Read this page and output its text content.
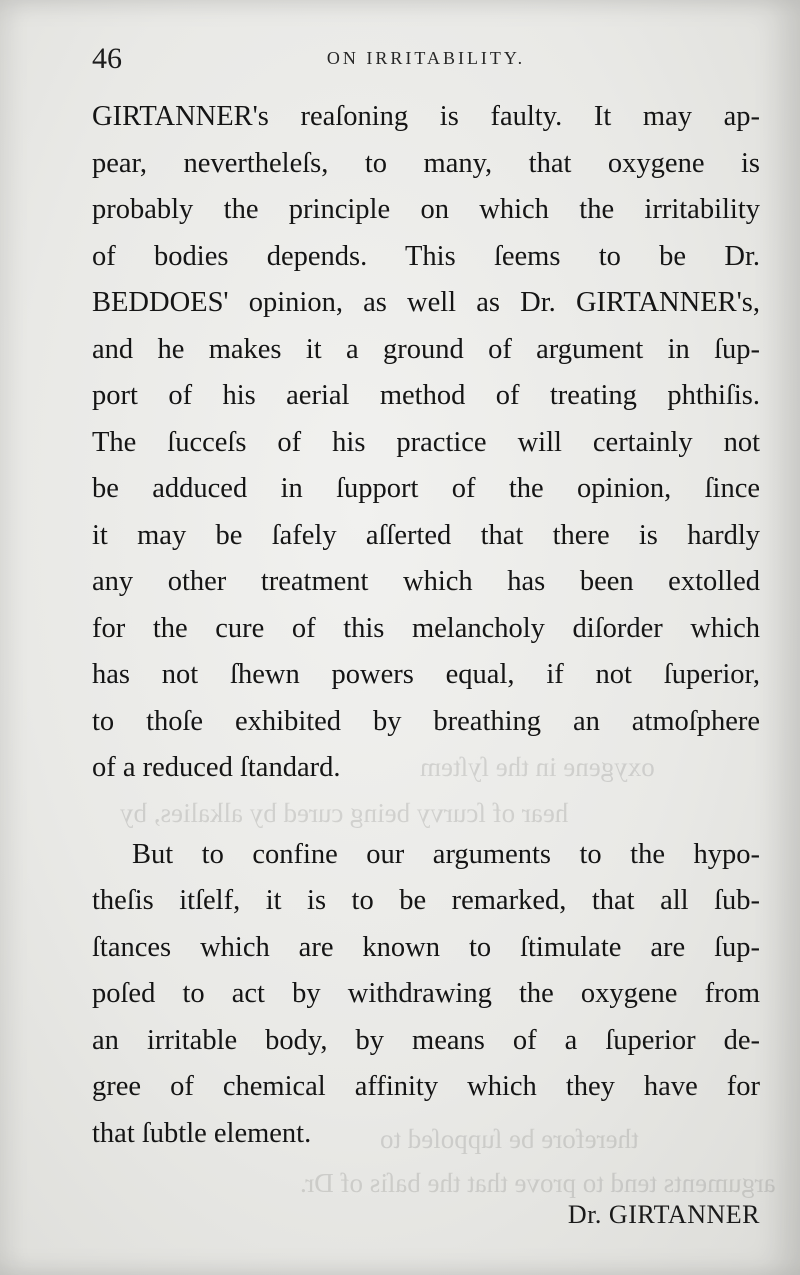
oxygene in the ſyſtem
hear of ſcurvy being cured by alkalies, by
therefore be ſuppoſed to
arguments tend to prove that the baſis of Dr.
46	ON IRRITABILITY.
GIRTANNER's reaſoning is faulty. It may ap-
pear, nevertheleſs, to many, that oxygene is
probably the principle on which the irritability
of bodies depends. This ſeems to be Dr.
BEDDOES' opinion, as well as Dr. GIRTANNER's,
and he makes it a ground of argument in ſup-
port of his aerial method of treating phthiſis.
The ſucceſs of his practice will certainly not
be adduced in ſupport of the opinion, ſince
it may be ſafely aſſerted that there is hardly
any other treatment which has been extolled
for the cure of this melancholy diſorder which
has not ſhewn powers equal, if not ſuperior,
to thoſe exhibited by breathing an atmoſphere
of a reduced ſtandard.
But to confine our arguments to the hypo-
theſis itſelf, it is to be remarked, that all ſub-
ſtances which are known to ſtimulate are ſup-
poſed to act by withdrawing the oxygene from
an irritable body, by means of a ſuperior de-
gree of chemical affinity which they have for
that ſubtle element.
Dr. GIRTANNER
